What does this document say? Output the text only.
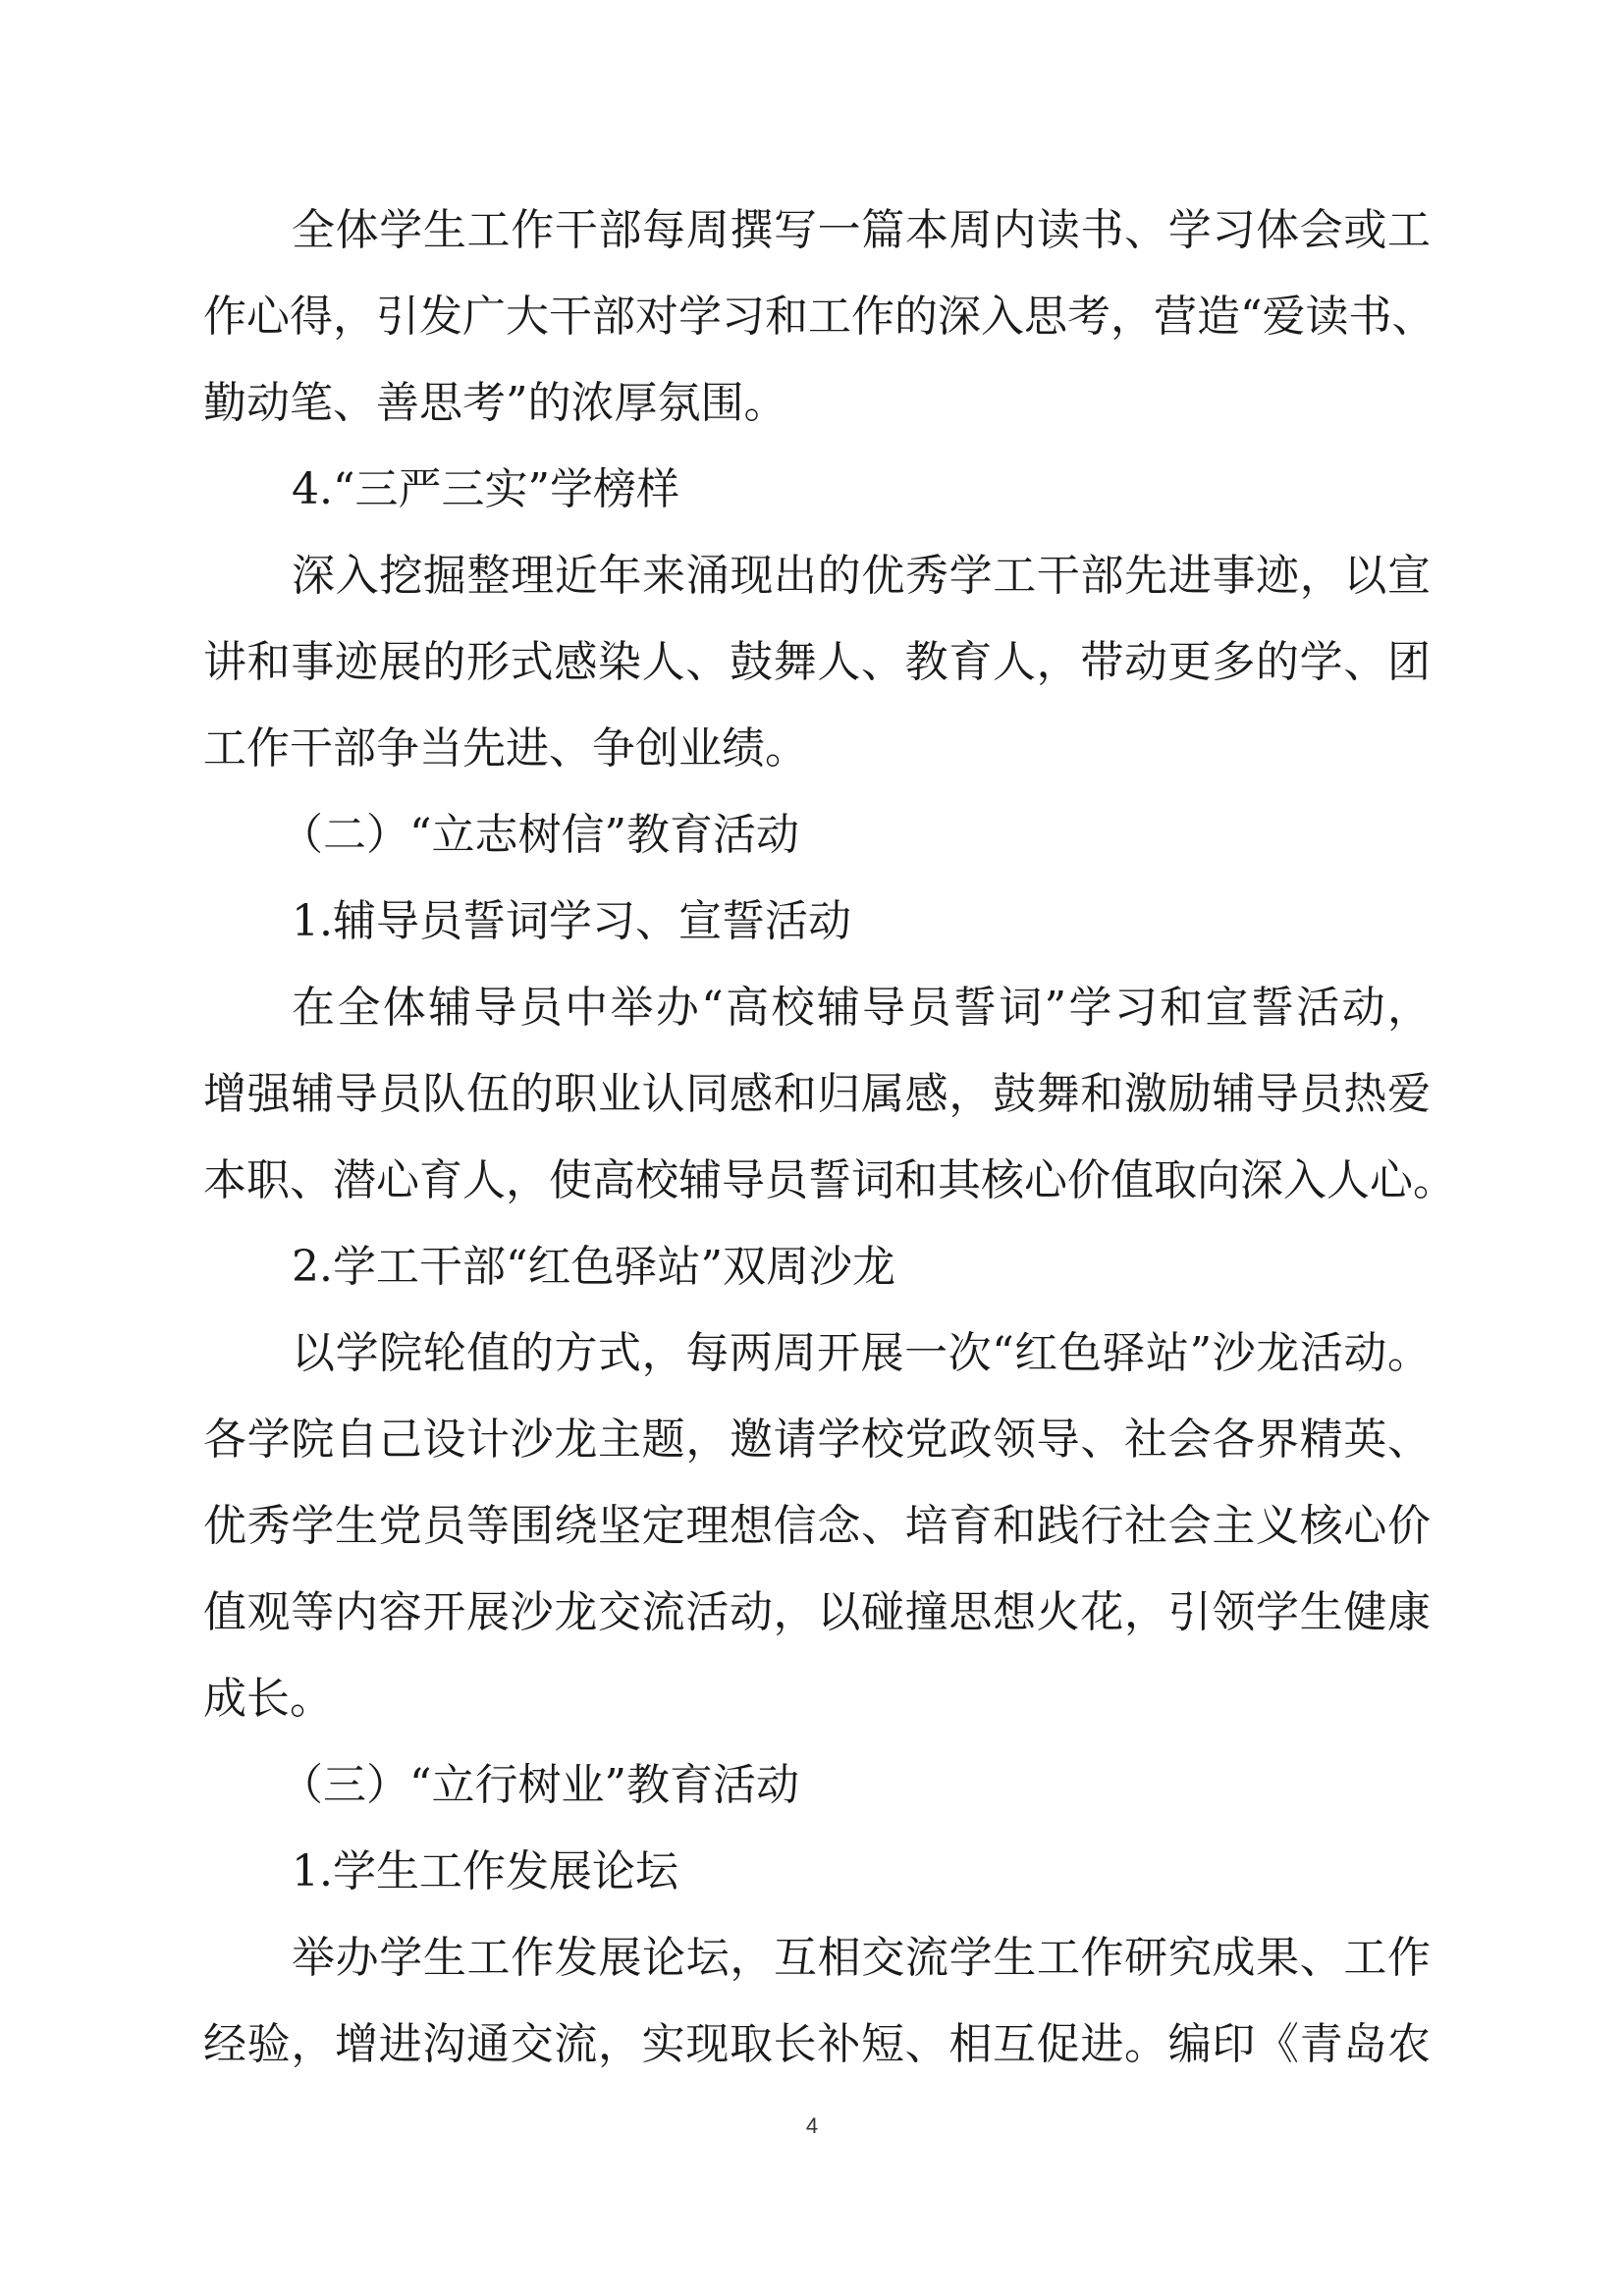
全体学生工作干部每周撰写一篇本周内读书、学习体会或工
作心得，引发广大干部对学习和工作的深入思考，营造“爱读书、
勤动笔、善思考”的浓厚氛围。
4.“三严三实”学榜样
深入挖掘整理近年来涌现出的优秀学工干部先进事迹，以宣
讲和事迹展的形式感染人、鼓舞人、教育人，带动更多的学、团
工作干部争当先进、争创业绩。
（二）“立志树信”教育活动
1.辅导员誓词学习、宣誓活动
在全体辅导员中举办“高校辅导员誓词”学习和宣誓活动，
增强辅导员队伍的职业认同感和归属感，鼓舞和激励辅导员热爱
本职、潜心育人，使高校辅导员誓词和其核心价值取向深入人心。
2.学工干部“红色驿站”双周沙龙
以学院轮值的方式，每两周开展一次“红色驿站”沙龙活动。
各学院自己设计沙龙主题，邀请学校党政领导、社会各界精英、
优秀学生党员等围绕坚定理想信念、培育和践行社会主义核心价
值观等内容开展沙龙交流活动，以碰撞思想火花，引领学生健康
成长。
（三）“立行树业”教育活动
1.学生工作发展论坛
举办学生工作发展论坛，互相交流学生工作研究成果、工作
经验，增进沟通交流，实现取长补短、相互促进。编印《青岛农
4
